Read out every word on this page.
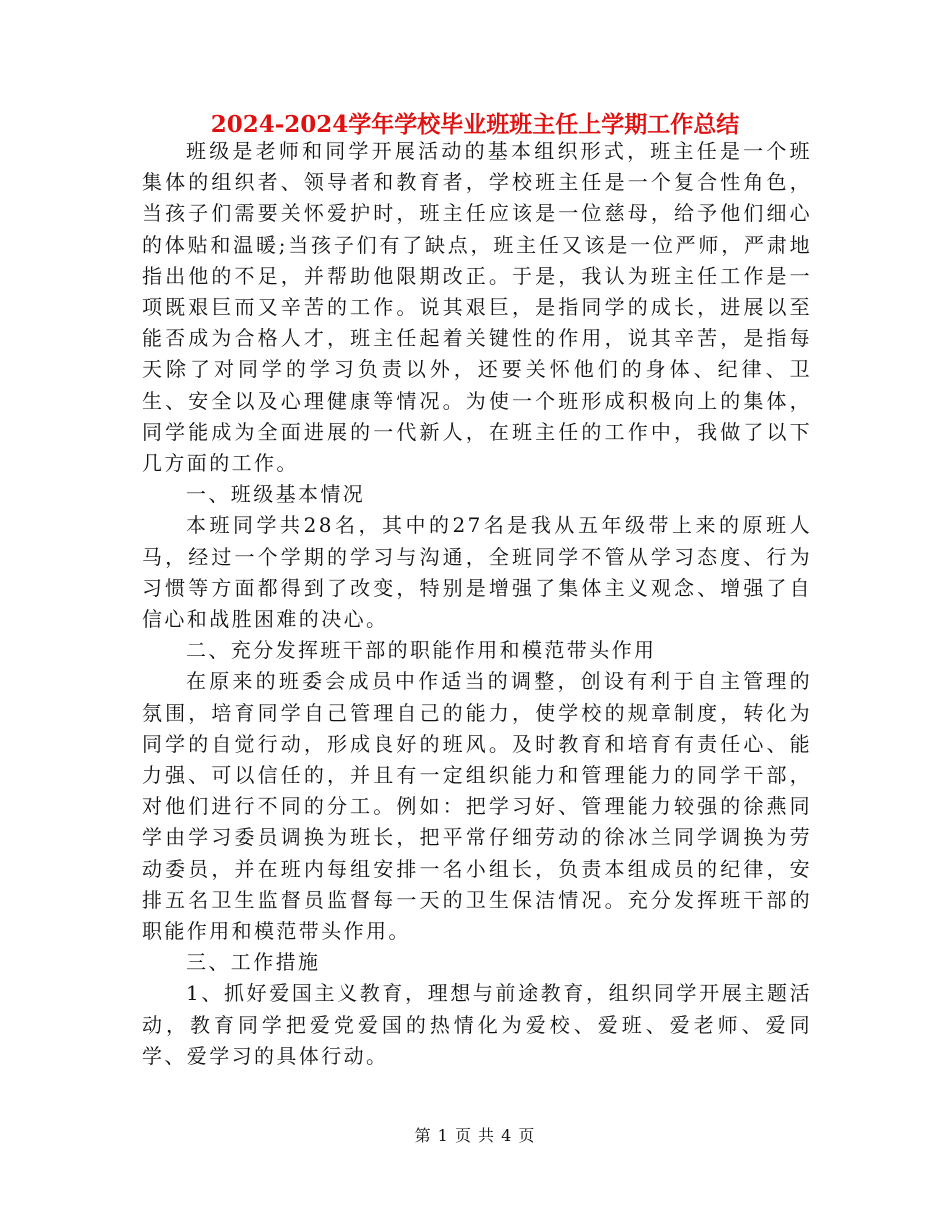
2024-2024学年学校毕业班班主任上学期工作总结

班级是老师和同学开展活动的基本组织形式，班主任是一个班集体的组织者、领导者和教育者，学校班主任是一个复合性角色，当孩子们需要关怀爱护时，班主任应该是一位慈母，给予他们细心的体贴和温暖;当孩子们有了缺点，班主任又该是一位严师，严肃地指出他的不足，并帮助他限期改正。于是，我认为班主任工作是一项既艰巨而又辛苦的工作。说其艰巨，是指同学的成长，进展以至能否成为合格人才，班主任起着关键性的作用，说其辛苦，是指每天除了对同学的学习负责以外，还要关怀他们的身体、纪律、卫生、安全以及心理健康等情况。为使一个班形成积极向上的集体，同学能成为全面进展的一代新人，在班主任的工作中，我做了以下几方面的工作。

一、班级基本情况

本班同学共28名，其中的27名是我从五年级带上来的原班人马，经过一个学期的学习与沟通，全班同学不管从学习态度、行为习惯等方面都得到了改变，特别是增强了集体主义观念、增强了自信心和战胜困难的决心。

二、充分发挥班干部的职能作用和模范带头作用

在原来的班委会成员中作适当的调整，创设有利于自主管理的氛围，培育同学自己管理自己的能力，使学校的规章制度，转化为同学的自觉行动，形成良好的班风。及时教育和培育有责任心、能力强、可以信任的，并且有一定组织能力和管理能力的同学干部，对他们进行不同的分工。例如：把学习好、管理能力较强的徐燕同学由学习委员调换为班长，把平常仔细劳动的徐冰兰同学调换为劳动委员，并在班内每组安排一名小组长，负责本组成员的纪律，安排五名卫生监督员监督每一天的卫生保洁情况。充分发挥班干部的职能作用和模范带头作用。

三、工作措施

1、抓好爱国主义教育，理想与前途教育，组织同学开展主题活动，教育同学把爱党爱国的热情化为爱校、爱班、爱老师、爱同学、爱学习的具体行动。

第 1 页 共 4 页
